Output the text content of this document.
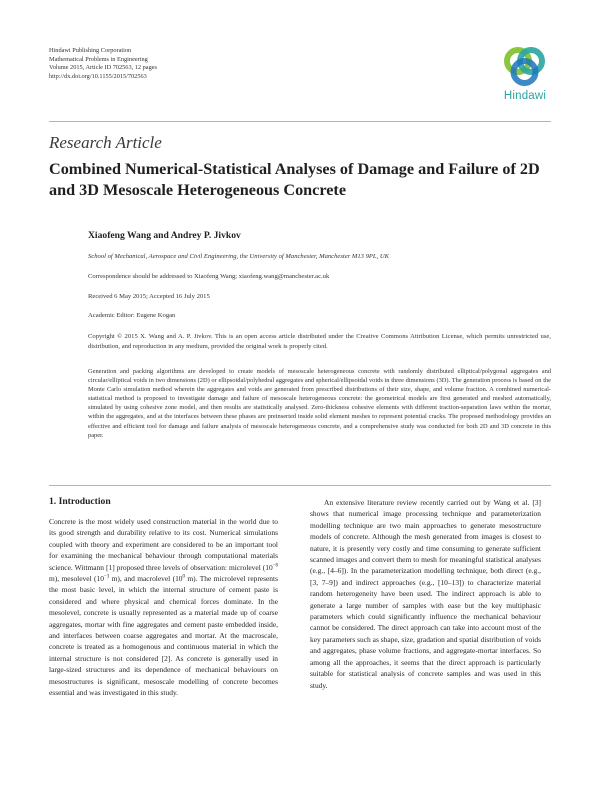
Hindawi Publishing Corporation
Mathematical Problems in Engineering
Volume 2015, Article ID 702563, 12 pages
http://dx.doi.org/10.1155/2015/702563
Hindawi
Research Article
Combined Numerical-Statistical Analyses of Damage and Failure of 2D and 3D Mesoscale Heterogeneous Concrete
Xiaofeng Wang and Andrey P. Jivkov
School of Mechanical, Aerospace and Civil Engineering, the University of Manchester, Manchester M13 9PL, UK
Correspondence should be addressed to Xiaofeng Wang; xiaofeng.wang@manchester.ac.uk
Received 6 May 2015; Accepted 16 July 2015
Academic Editor: Eugene Kogan
Copyright © 2015 X. Wang and A. P. Jivkov. This is an open access article distributed under the Creative Commons Attribution License, which permits unrestricted use, distribution, and reproduction in any medium, provided the original work is properly cited.
Generation and packing algorithms are developed to create models of mesoscale heterogeneous concrete with randomly distributed elliptical/polygonal aggregates and circular/elliptical voids in two dimensions (2D) or ellipsoidal/polyhedral aggregates and spherical/ellipsoidal voids in three dimensions (3D). The generation process is based on the Monte Carlo simulation method wherein the aggregates and voids are generated from prescribed distributions of their size, shape, and volume fraction. A combined numerical-statistical method is proposed to investigate damage and failure of mesoscale heterogeneous concrete: the geometrical models are first generated and meshed automatically, simulated by using cohesive zone model, and then results are statistically analysed. Zero-thickness cohesive elements with different traction-separation laws within the mortar, within the aggregates, and at the interfaces between these phases are preinserted inside solid element meshes to represent potential cracks. The proposed methodology provides an effective and efficient tool for damage and failure analysis of mesoscale heterogeneous concrete, and a comprehensive study was conducted for both 2D and 3D concrete in this paper.
1. Introduction

Concrete is the most widely used construction material in the world due to its good strength and durability relative to its cost. Numerical simulations coupled with theory and experiment are considered to be an important tool for examining the mechanical behaviour through computational materials science. Wittmann [1] proposed three levels of observation: microlevel ($10^{-8}$ m), mesolevel ($10^{-3}$ m), and macrolevel ($10^0$ m). The microlevel represents the most basic level, in which the internal structure of cement paste is considered and where physical and chemical forces dominate. In the mesolevel, concrete is usually represented as a material made up of coarse aggregates, mortar with fine aggregates and cement paste embedded inside, and interfaces between coarse aggregates and mortar. At the macroscale, concrete is treated as a homogenous and continuous material in which the internal structure is not considered [2]. As concrete is generally used in large-sized structures and its dependence of mechanical behaviours on mesostructures is significant, mesoscale modelling of concrete becomes essential and was investigated in this study.

An extensive literature review recently carried out by Wang et al. [3] shows that numerical image processing technique and parameterization modelling technique are two main approaches to generate mesostructure models of concrete. Although the mesh generated from images is closest to nature, it is presently very costly and time consuming to generate sufficient scanned images and convert them to mesh for meaningful statistical analyses (e.g., [4–6]). In the parameterization modelling technique, both direct (e.g., [3, 7–9]) and indirect approaches (e.g., [10–13]) to characterize material random heterogeneity have been used. The indirect approach is able to generate a large number of samples with ease but the key multiphasic parameters which could significantly influence the mechanical behaviour cannot be considered. The direct approach can take into account most of the key parameters such as shape, size, gradation and spatial distribution of voids and aggregates, phase volume fractions, and aggregate-mortar interfaces. So among all the approaches, it seems that the direct approach is particularly suitable for statistical analysis of concrete samples and was used in this study.
